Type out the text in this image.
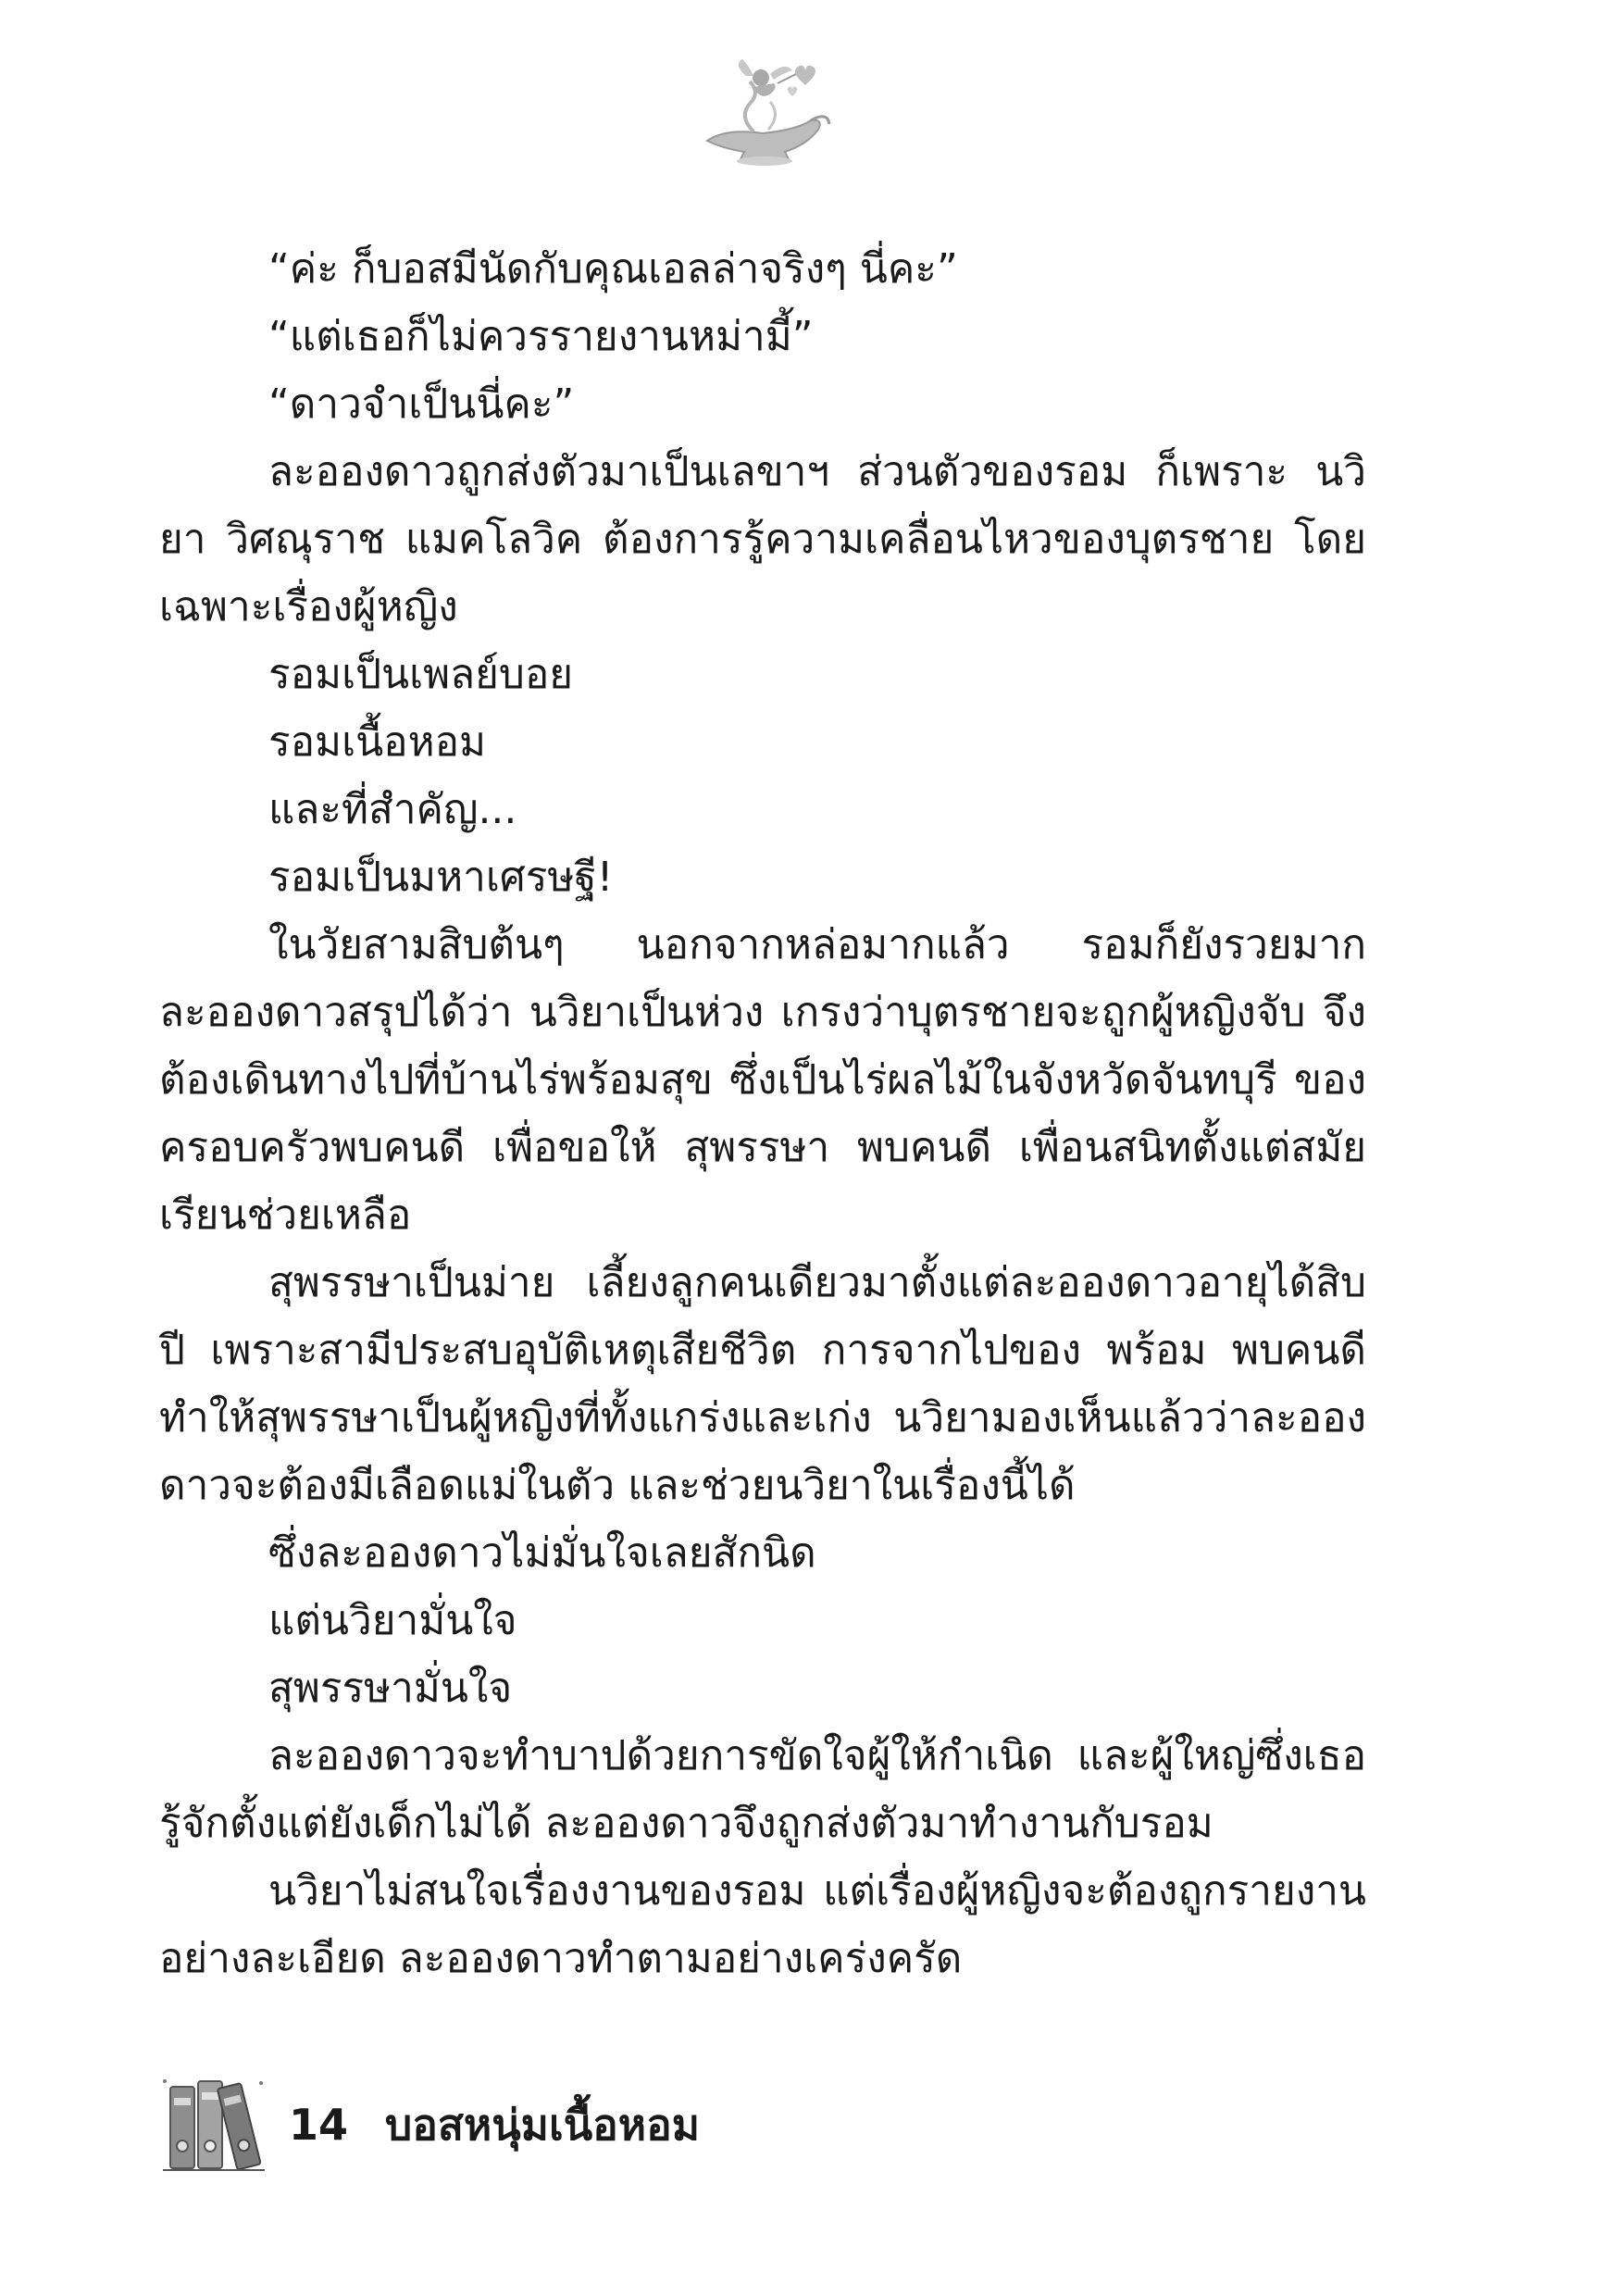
“ค่ะ ก็บอสมีนัดกับคุณเอลล่าจริงๆ นี่คะ”

“แต่เธอก็ไม่ควรรายงานหม่ามี้”

“ดาวจำเป็นนี่คะ”

ละอองดาวถูกส่งตัวมาเป็นเลขาฯ ส่วนตัวของรอม ก็เพราะ นวิยา วิศณุราช แมคโลวิค ต้องการรู้ความเคลื่อนไหวของบุตรชาย โดยเฉพาะเรื่องผู้หญิง

รอมเป็นเพลย์บอย

รอมเนื้อหอม

และที่สำคัญ...

รอมเป็นมหาเศรษฐี!

ในวัยสามสิบต้นๆ นอกจากหล่อมากแล้ว รอมก็ยังรวยมาก ละอองดาวสรุปได้ว่า นวิยาเป็นห่วง เกรงว่าบุตรชายจะถูกผู้หญิงจับ จึงต้องเดินทางไปที่บ้านไร่พร้อมสุข ซึ่งเป็นไร่ผลไม้ในจังหวัดจันทบุรี ของครอบครัวพบคนดี เพื่อขอให้ สุพรรษา พบคนดี เพื่อนสนิทตั้งแต่สมัยเรียนช่วยเหลือ

สุพรรษาเป็นม่าย เลี้ยงลูกคนเดียวมาตั้งแต่ละอองดาวอายุได้สิบปี เพราะสามีประสบอุบัติเหตุเสียชีวิต การจากไปของ พร้อม พบคนดี ทำให้สุพรรษาเป็นผู้หญิงที่ทั้งแกร่งและเก่ง นวิยามองเห็นแล้วว่าละอองดาวจะต้องมีเลือดแม่ในตัว และช่วยนวิยาในเรื่องนี้ได้

ซึ่งละอองดาวไม่มั่นใจเลยสักนิด

แต่นวิยามั่นใจ

สุพรรษามั่นใจ

ละอองดาวจะทำบาปด้วยการขัดใจผู้ให้กำเนิด และผู้ใหญ่ซึ่งเธอรู้จักตั้งแต่ยังเด็กไม่ได้ ละอองดาวจึงถูกส่งตัวมาทำงานกับรอม

นวิยาไม่สนใจเรื่องงานของรอม แต่เรื่องผู้หญิงจะต้องถูกรายงานอย่างละเอียด ละอองดาวทำตามอย่างเคร่งครัด

14 บอสหนุ่มเนื้อหอม
